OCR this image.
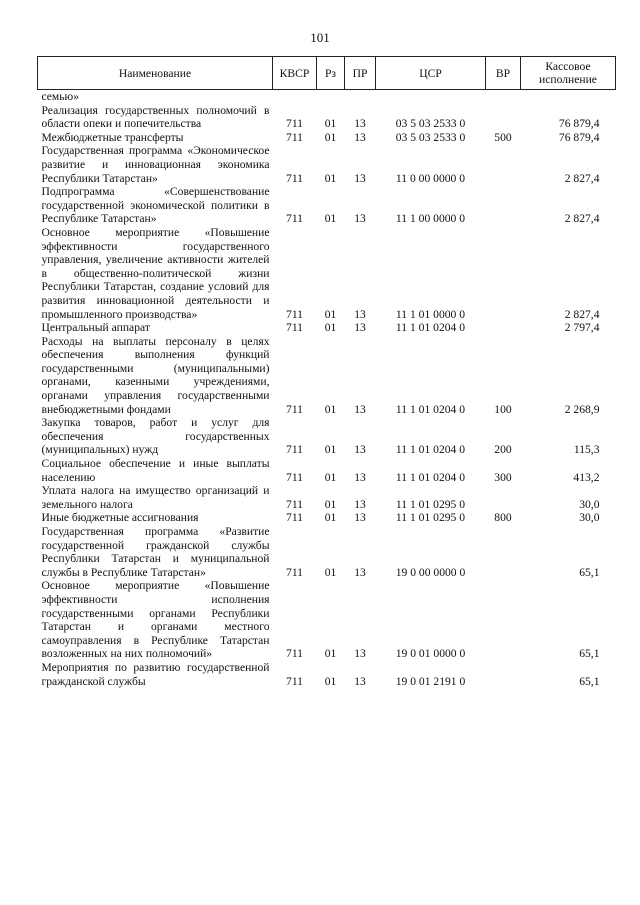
101
Наименование	КВСР	Рз	ПР	ЦСР	ВР	Кассовое исполнение
семью»						
Реализация государственных полномочий в области опеки и попечительства	711	01	13	03 5 03 2533 0		76 879,4
Межбюджетные трансферты	711	01	13	03 5 03 2533 0	500	76 879,4
Государственная программа «Экономическое развитие и инновационная экономика Республики Татарстан»	711	01	13	11 0 00 0000 0		2 827,4
Подпрограмма «Совершенствование государственной экономической политики в Республике Татарстан»	711	01	13	11 1 00 0000 0		2 827,4
Основное мероприятие «Повышение эффективности государственного управления, увеличение активности жителей в общественно-политической жизни Республики Татарстан, создание условий для развития инновационной деятельности и промышленного производства»	711	01	13	11 1 01 0000 0		2 827,4
Центральный аппарат	711	01	13	11 1 01 0204 0		2 797,4
Расходы на выплаты персоналу в целях обеспечения выполнения функций государственными (муниципальными) органами, казенными учреждениями, органами управления государственными внебюджетными фондами	711	01	13	11 1 01 0204 0	100	2 268,9
Закупка товаров, работ и услуг для обеспечения государственных (муниципальных) нужд	711	01	13	11 1 01 0204 0	200	115,3
Социальное обеспечение и иные выплаты населению	711	01	13	11 1 01 0204 0	300	413,2
Уплата налога на имущество организаций и земельного налога	711	01	13	11 1 01 0295 0		30,0
Иные бюджетные ассигнования	711	01	13	11 1 01 0295 0	800	30,0
Государственная программа «Развитие государственной гражданской службы Республики Татарстан и муниципальной службы в Республике Татарстан»	711	01	13	19 0 00 0000 0		65,1
Основное мероприятие «Повышение эффективности исполнения государственными органами Республики Татарстан и органами местного самоуправления в Республике Татарстан возложенных на них полномочий»	711	01	13	19 0 01 0000 0		65,1
Мероприятия по развитию государственной гражданской службы	711	01	13	19 0 01 2191 0		65,1
